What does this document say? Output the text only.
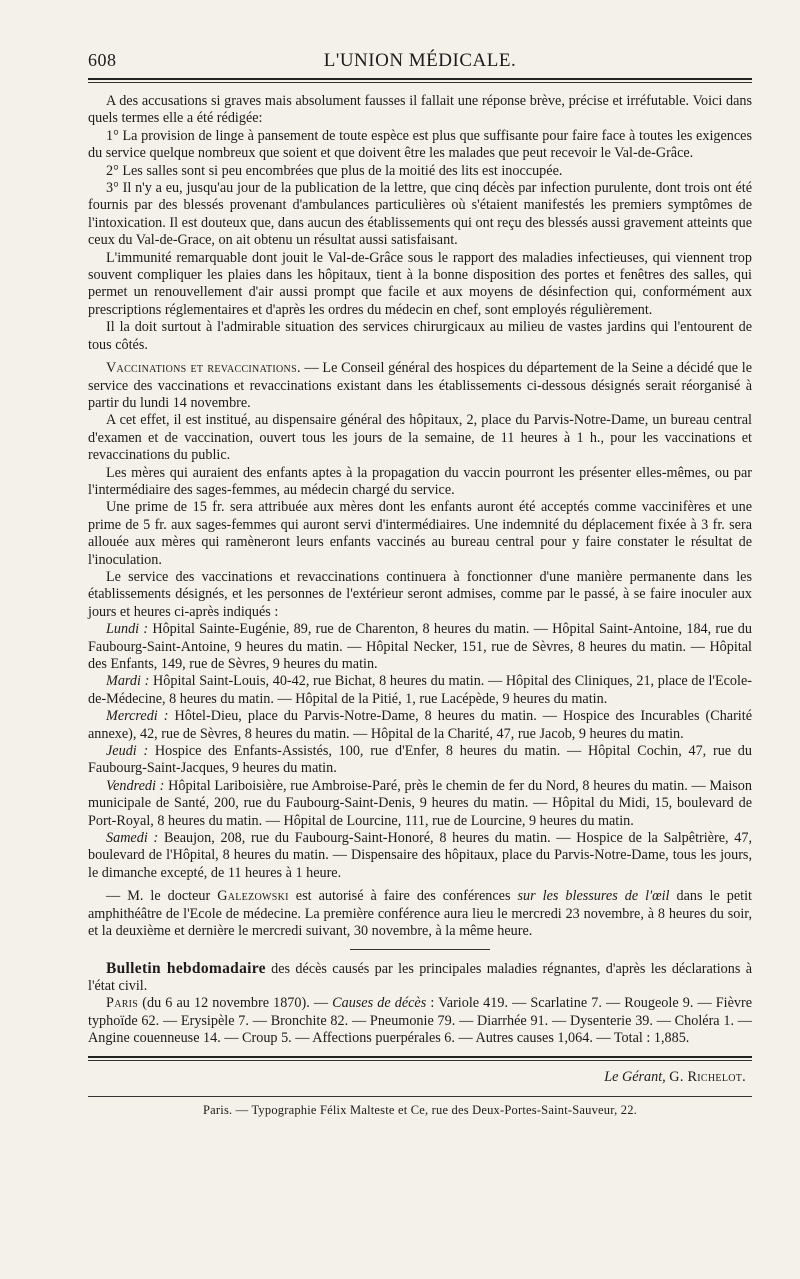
608	L'UNION MÉDICALE.

A des accusations si graves mais absolument fausses il fallait une réponse brève, précise et irréfutable. Voici dans quels termes elle a été rédigée:

1° La provision de linge à pansement de toute espèce est plus que suffisante pour faire face à toutes les exigences du service quelque nombreux que soient et que doivent être les malades que peut recevoir le Val-de-Grâce.

2° Les salles sont si peu encombrées que plus de la moitié des lits est inoccupée.

3° Il n'y a eu, jusqu'au jour de la publication de la lettre, que cinq décès par infection purulente, dont trois ont été fournis par des blessés provenant d'ambulances particulières où s'étaient manifestés les premiers symptômes de l'intoxication. Il est douteux que, dans aucun des établissements qui ont reçu des blessés aussi gravement atteints que ceux du Val-de-Grace, on ait obtenu un résultat aussi satisfaisant.

L'immunité remarquable dont jouit le Val-de-Grâce sous le rapport des maladies infectieuses, qui viennent trop souvent compliquer les plaies dans les hôpitaux, tient à la bonne disposition des portes et fenêtres des salles, qui permet un renouvellement d'air aussi prompt que facile et aux moyens de désinfection qui, conformément aux prescriptions réglementaires et d'après les ordres du médecin en chef, sont employés régulièrement.

Il la doit surtout à l'admirable situation des services chirurgicaux au milieu de vastes jardins qui l'entourent de tous côtés.

Vaccinations et revaccinations. — Le Conseil général des hospices du département de la Seine a décidé que le service des vaccinations et revaccinations existant dans les établissements ci-dessous désignés serait réorganisé à partir du lundi 14 novembre.

A cet effet, il est institué, au dispensaire général des hôpitaux, 2, place du Parvis-Notre-Dame, un bureau central d'examen et de vaccination, ouvert tous les jours de la semaine, de 11 heures à 1 h., pour les vaccinations et revaccinations du public.

Les mères qui auraient des enfants aptes à la propagation du vaccin pourront les présenter elles-mêmes, ou par l'intermédiaire des sages-femmes, au médecin chargé du service.

Une prime de 15 fr. sera attribuée aux mères dont les enfants auront été acceptés comme vaccinifères et une prime de 5 fr. aux sages-femmes qui auront servi d'intermédiaires. Une indemnité du déplacement fixée à 3 fr. sera allouée aux mères qui ramèneront leurs enfants vaccinés au bureau central pour y faire constater le résultat de l'inoculation.

Le service des vaccinations et revaccinations continuera à fonctionner d'une manière permanente dans les établissements désignés, et les personnes de l'extérieur seront admises, comme par le passé, à se faire inoculer aux jours et heures ci-après indiqués :

Lundi : Hôpital Sainte-Eugénie, 89, rue de Charenton, 8 heures du matin. — Hôpital Saint-Antoine, 184, rue du Faubourg-Saint-Antoine, 9 heures du matin. — Hôpital Necker, 151, rue de Sèvres, 8 heures du matin. — Hôpital des Enfants, 149, rue de Sèvres, 9 heures du matin.

Mardi : Hôpital Saint-Louis, 40-42, rue Bichat, 8 heures du matin. — Hôpital des Cliniques, 21, place de l'Ecole-de-Médecine, 8 heures du matin. — Hôpital de la Pitié, 1, rue Lacépède, 9 heures du matin.

Mercredi : Hôtel-Dieu, place du Parvis-Notre-Dame, 8 heures du matin. — Hospice des Incurables (Charité annexe), 42, rue de Sèvres, 8 heures du matin. — Hôpital de la Charité, 47, rue Jacob, 9 heures du matin.

Jeudi : Hospice des Enfants-Assistés, 100, rue d'Enfer, 8 heures du matin. — Hôpital Cochin, 47, rue du Faubourg-Saint-Jacques, 9 heures du matin.

Vendredi : Hôpital Lariboisière, rue Ambroise-Paré, près le chemin de fer du Nord, 8 heures du matin. — Maison municipale de Santé, 200, rue du Faubourg-Saint-Denis, 9 heures du matin. — Hôpital du Midi, 15, boulevard de Port-Royal, 8 heures du matin. — Hôpital de Lourcine, 111, rue de Lourcine, 9 heures du matin.

Samedi : Beaujon, 208, rue du Faubourg-Saint-Honoré, 8 heures du matin. — Hospice de la Salpêtrière, 47, boulevard de l'Hôpital, 8 heures du matin. — Dispensaire des hôpitaux, place du Parvis-Notre-Dame, tous les jours, le dimanche excepté, de 11 heures à 1 heure.

— M. le docteur Galezowski est autorisé à faire des conférences sur les blessures de l'œil dans le petit amphithéâtre de l'Ecole de médecine. La première conférence aura lieu le mercredi 23 novembre, à 8 heures du soir, et la deuxième et dernière le mercredi suivant, 30 novembre, à la même heure.

Bulletin hebdomadaire des décès causés par les principales maladies régnantes, d'après les déclarations à l'état civil.

Paris (du 6 au 12 novembre 1870). — Causes de décès : Variole 419. — Scarlatine 7. — Rougeole 9. — Fièvre typhoïde 62. — Erysipèle 7. — Bronchite 82. — Pneumonie 79. — Diarrhée 91. — Dysenterie 39. — Choléra 1. — Angine couenneuse 14. — Croup 5. — Affections puerpérales 6. — Autres causes 1,064. — Total : 1,885.

Le Gérant, G. Richelot.
Paris. — Typographie Félix Malteste et Ce, rue des Deux-Portes-Saint-Sauveur, 22.
